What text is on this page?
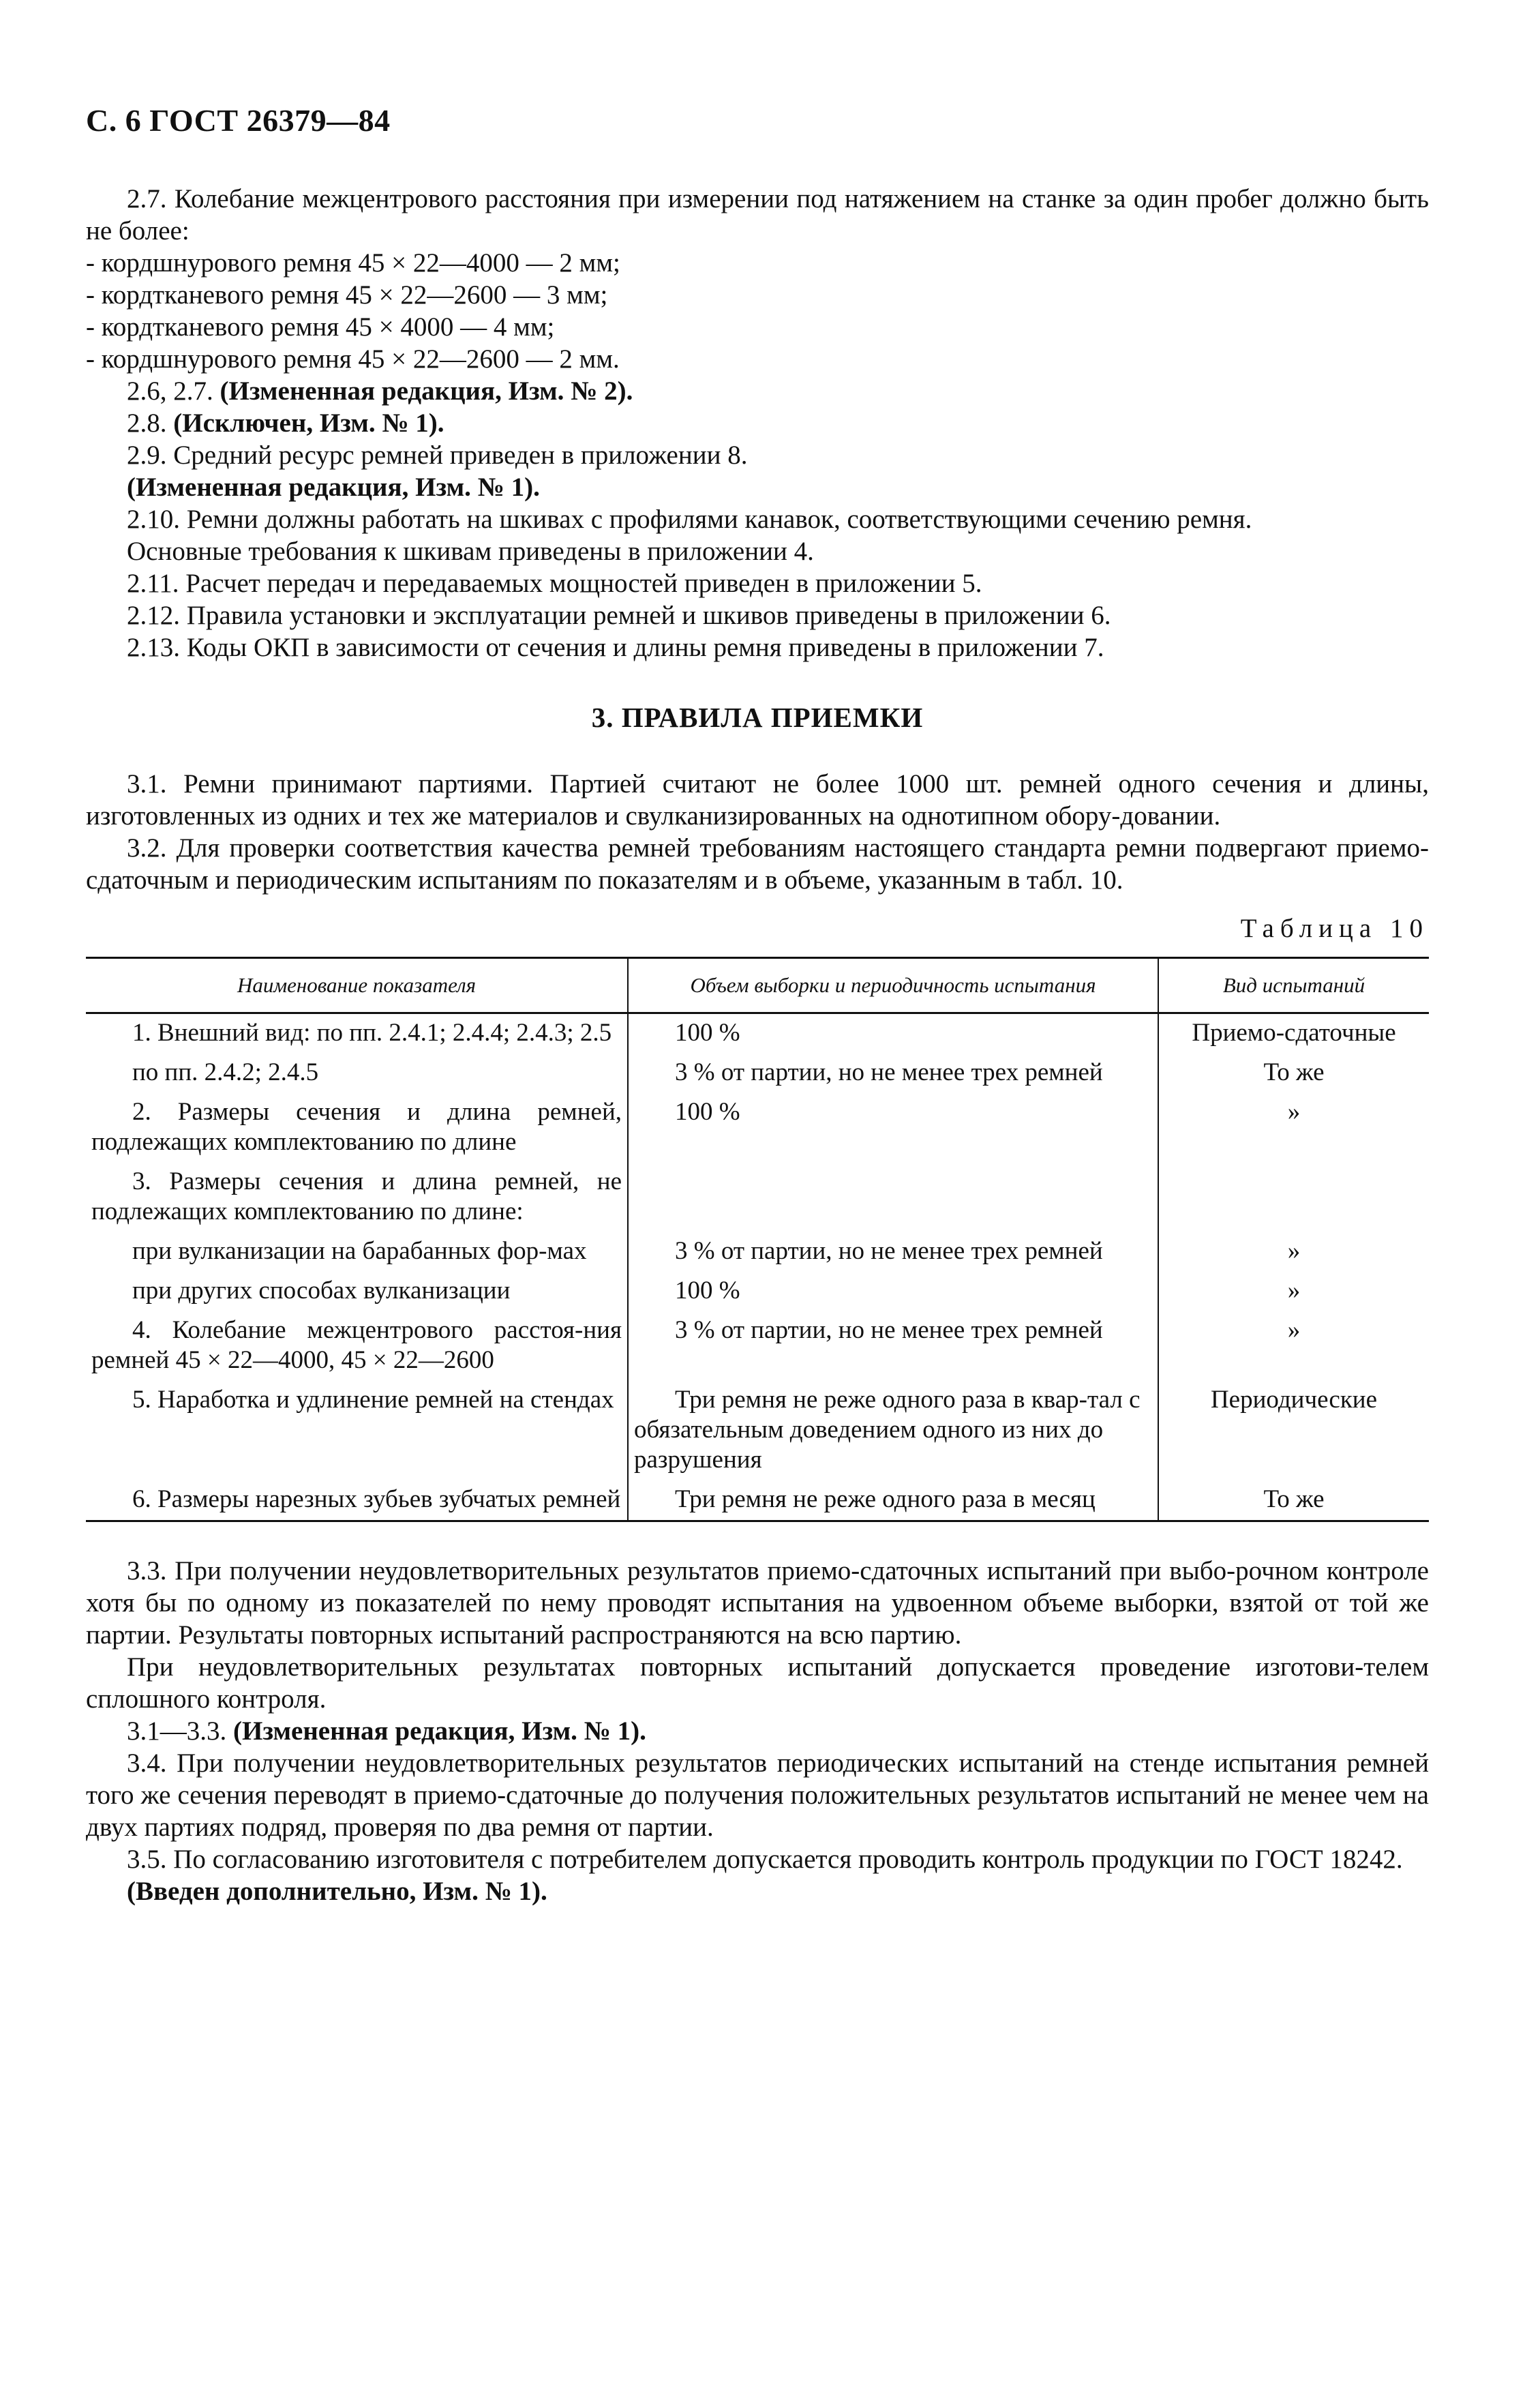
С. 6 ГОСТ 26379—84

2.7. Колебание межцентрового расстояния при измерении под натяжением на станке за один пробег должно быть не более:

- кордшнурового ремня 45 × 22—4000 — 2 мм;

- кордтканевого ремня 45 × 22—2600 — 3 мм;

- кордтканевого ремня 45 × 4000 — 4 мм;

- кордшнурового ремня 45 × 22—2600 — 2 мм.

2.6, 2.7. (Измененная редакция, Изм. № 2).

2.8. (Исключен, Изм. № 1).

2.9. Средний ресурс ремней приведен в приложении 8.

(Измененная редакция, Изм. № 1).

2.10. Ремни должны работать на шкивах с профилями канавок, соответствующими сечению ремня.

Основные требования к шкивам приведены в приложении 4.

2.11. Расчет передач и передаваемых мощностей приведен в приложении 5.

2.12. Правила установки и эксплуатации ремней и шкивов приведены в приложении 6.

2.13. Коды ОКП в зависимости от сечения и длины ремня приведены в приложении 7.

3. ПРАВИЛА ПРИЕМКИ

3.1. Ремни принимают партиями. Партией считают не более 1000 шт. ремней одного сечения и длины, изготовленных из одних и тех же материалов и свулканизированных на однотипном обору-довании.

3.2. Для проверки соответствия качества ремней требованиям настоящего стандарта ремни подвергают приемо-сдаточным и периодическим испытаниям по показателям и в объеме, указанным в табл. 10.

Таблица 10
Наименование показателя	Объем выборки и периодичность испытания	Вид испытаний
1. Внешний вид: по пп. 2.4.1; 2.4.4; 2.4.3; 2.5	100 %	Приемо-сдаточные
по пп. 2.4.2; 2.4.5	3 % от партии, но не менее трех ремней	То же
2. Размеры сечения и длина ремней, подлежащих комплектованию по длине	100 %	»
3. Размеры сечения и длина ремней, не подлежащих комплектованию по длине:		
при вулканизации на барабанных фор-мах	3 % от партии, но не менее трех ремней	»
при других способах вулканизации	100 %	»
4. Колебание межцентрового расстоя-ния ремней 45 × 22—4000, 45 × 22—2600	3 % от партии, но не менее трех ремней	»
5. Наработка и удлинение ремней на стендах	Три ремня не реже одного раза в квар-тал с обязательным доведением одного из них до разрушения	Периодические
6. Размеры нарезных зубьев зубчатых ремней	Три ремня не реже одного раза в месяц	То же

3.3. При получении неудовлетворительных результатов приемо-сдаточных испытаний при выбо-рочном контроле хотя бы по одному из показателей по нему проводят испытания на удвоенном объеме выборки, взятой от той же партии. Результаты повторных испытаний распространяются на всю партию.

При неудовлетворительных результатах повторных испытаний допускается проведение изготови-телем сплошного контроля.

3.1—3.3. (Измененная редакция, Изм. № 1).

3.4. При получении неудовлетворительных результатов периодических испытаний на стенде испытания ремней того же сечения переводят в приемо-сдаточные до получения положительных результатов испытаний не менее чем на двух партиях подряд, проверяя по два ремня от партии.

3.5. По согласованию изготовителя с потребителем допускается проводить контроль продукции по ГОСТ 18242.

(Введен дополнительно, Изм. № 1).
